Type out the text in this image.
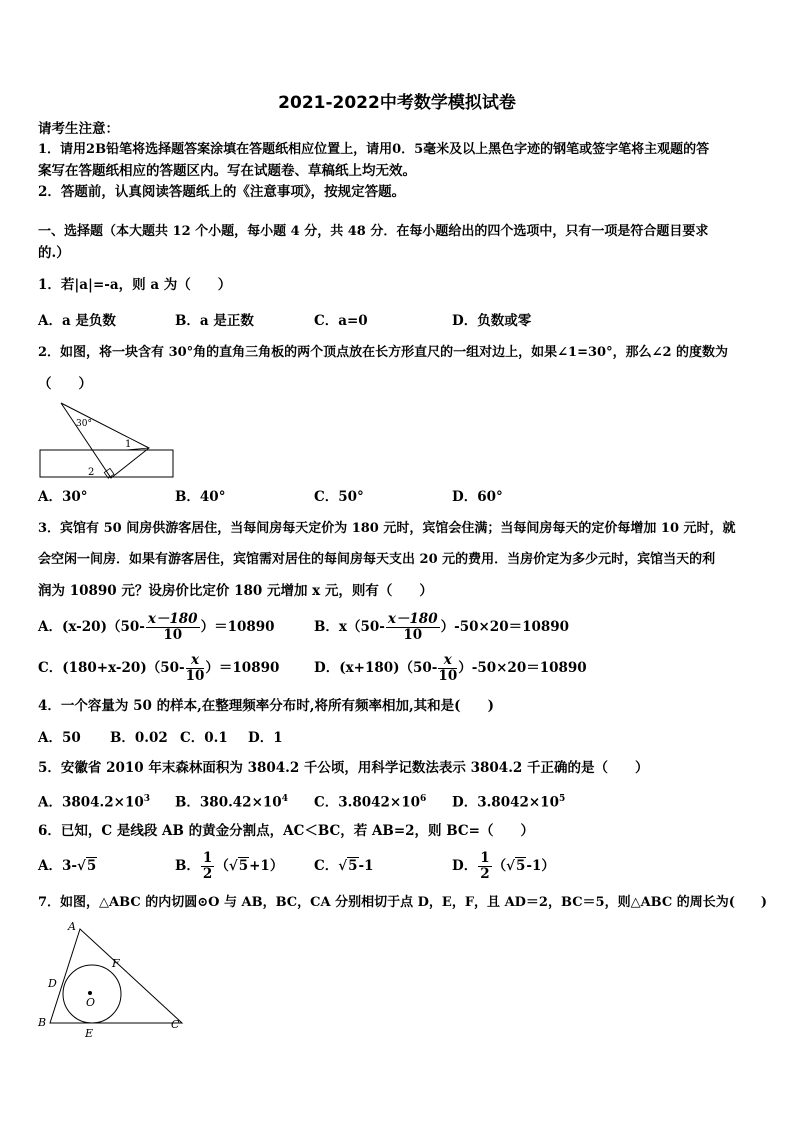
2021-2022中考数学模拟试卷
请考生注意：
1．请用2B铅笔将选择题答案涂填在答题纸相应位置上，请用0．5毫米及以上黑色字迹的钢笔或签字笔将主观题的答
案写在答题纸相应的答题区内。写在试题卷、草稿纸上均无效。
2．答题前，认真阅读答题纸上的《注意事项》，按规定答题。
一、选择题（本大题共 12 个小题，每小题 4 分，共 48 分．在每小题给出的四个选项中，只有一项是符合题目要求
的.）
1．若|a|=-a，则 a 为（　　）
A．a 是负数	B．a 是正数	C．a=0	D．负数或零
2．如图，将一块含有 30°角的直角三角板的两个顶点放在长方形直尺的一组对边上，如果∠1=30°，那么∠2 的度数为
（　　）
30°
1
2
A．30°	B．40°	C．50°	D．60°
3．宾馆有 50 间房供游客居住，当每间房每天定价为 180 元时，宾馆会住满；当每间房每天的定价每增加 10 元时，就
会空闲一间房．如果有游客居住，宾馆需对居住的每间房每天支出 20 元的费用．当房价定为多少元时，宾馆当天的利
润为 10890 元？设房价比定价 180 元增加 x 元，则有（　　）
A．$(x-20)(50- \frac{x-180}{10} )=10890$	B．$x(50- \frac{x-180}{10} )-50\times 20=10890$
C．$(180+x-20)(50- \frac{x}{10} )=10890$	D．$(x+180)(50- \frac{x}{10} )-50\times 20=10890$
4．一个容量为 50 的样本,在整理频率分布时,将所有频率相加,其和是(　　)
A．50 B．0.02 C．0.1 D．1
5．安徽省 2010 年末森林面积为 3804.2 千公顷，用科学记数法表示 3804.2 千正确的是（　　）
A．$3804.2\times 10^3$ B．$380.42\times 10^4$ C．$3.8042\times 10^6$ D．$3.8042\times 10^5$
6．已知，C 是线段 AB 的黄金分割点，AC＜BC，若 AB=2，则 BC=（　　）
A．3-√5	B． $\frac{1}{2} (√5+1)$ C．√5-1	D． $\frac{1}{2} (√5-1)$
7．如图，△ABC 的内切圆⊙O 与 AB，BC，CA 分别相切于点 D，E，F，且 AD＝2，BC＝5，则△ABC 的周长为(　　)
A
B	C
D
E
F
O
